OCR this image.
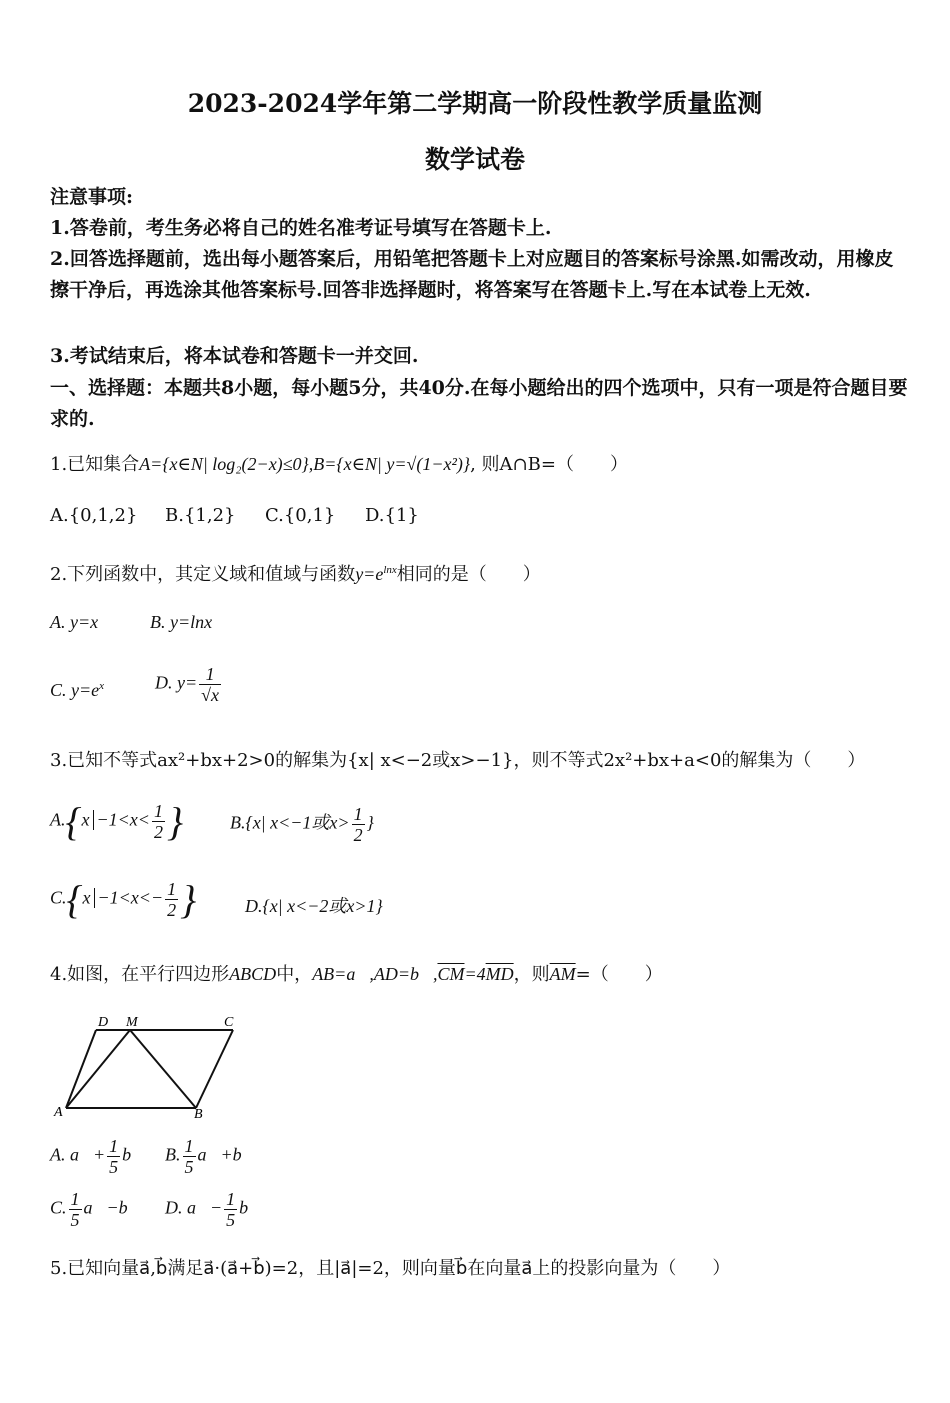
2023-2024学年第二学期高一阶段性教学质量监测
数学试卷
注意事项:
1.答卷前，考生务必将自己的姓名准考证号填写在答题卡上.
2.回答选择题前，选出每小题答案后，用铅笔把答题卡上对应题目的答案标号涂黑.如需改动，用橡皮擦干净后，再选涂其他答案标号.回答非选择题时，将答案写在答题卡上.写在本试卷上无效.
3.考试结束后，将本试卷和答题卡一并交回.
一、选择题：本题共8小题，每小题5分，共40分.在每小题给出的四个选项中，只有一项是符合题目要求的.
1.已知集合A={x∈N| log₂(2−x)≤0},B={x∈N| y=√(1−x²)}, 则A∩B=（　　）
A.{0,1,2} B.{1,2} C.{0,1} D.{1}
2.下列函数中，其定义域和值域与函数$y=e^{lnx}$相同的是（　　）
A. y=x	B. y=lnx
C. $y=e^x$	D. $y= \frac{1}{√x}$
3.已知不等式ax²+bx+2>0的解集为{x| x<−2或x>−1}，则不等式2x²+bx+a<0的解集为（　　）
$A.\{x -1<x< \frac{1}{2}$ }	B.{x| x<−1或$x> \frac{1}{2}$ }
$C.\{x -1<x<- \frac{1}{2}$ }	D.{x| x<−2或x>1}
4.如图，在平行四边形ABCD中，$AB=a⃗,AD=b⃗,\overline{CM}=4\overline{MD}$，则$\overline{AM}=$（　　）
D M	C
A	B
A. a⃗+ $\frac{1}{5}$ b⃗ B. $\frac{1}{5}$ a⃗+b⃗
C. $\frac{1}{5}$ a⃗−b⃗ D. a⃗− $\frac{1}{5}$ b⃗
5.已知向量a⃗,b⃗满足a⃗·(a⃗+b⃗)=2，且|a⃗|=2，则向量b⃗在向量a⃗上的投影向量为（　　）
